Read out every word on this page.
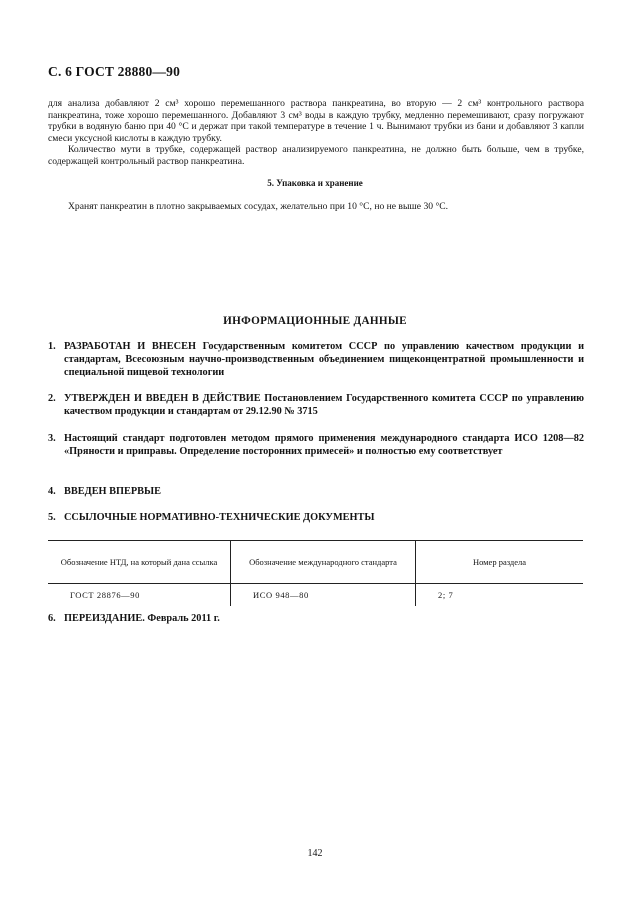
С. 6 ГОСТ 28880—90

для анализа добавляют 2 см³ хорошо перемешанного раствора панкреатина, во вторую — 2 см³ контрольного раствора панкреатина, тоже хорошо перемешанного. Добавляют 3 см³ воды в каждую трубку, медленно перемешивают, сразу погружают трубки в водяную баню при 40 °С и держат при такой температуре в течение 1 ч. Вынимают трубки из бани и добавляют 3 капли смеси уксусной кислоты в каждую трубку.

Количество мути в трубке, содержащей раствор анализируемого панкреатина, не должно быть больше, чем в трубке, содержащей контрольный раствор панкреатина.

5. Упаковка и хранение
Хранят панкреатин в плотно закрываемых сосудах, желательно при 10 °С, но не выше 30 °С.
ИНФОРМАЦИОННЫЕ ДАННЫЕ
1. РАЗРАБОТАН И ВНЕСЕН Государственным комитетом СССР по управлению качеством продукции и стандартам, Всесоюзным научно-производственным объединением пищеконцентратной промышленности и специальной пищевой технологии
2. УТВЕРЖДЕН И ВВЕДЕН В ДЕЙСТВИЕ Постановлением Государственного комитета СССР по управлению качеством продукции и стандартам от 29.12.90 № 3715
3. Настоящий стандарт подготовлен методом прямого применения международного стандарта ИСО 1208—82 «Пряности и приправы. Определение посторонних примесей» и полностью ему соответствует
4. ВВЕДЕН ВПЕРВЫЕ
5. ССЫЛОЧНЫЕ НОРМАТИВНО-ТЕХНИЧЕСКИЕ ДОКУМЕНТЫ
Обозначение НТД, на который дана ссылка	Обозначение международного стандарта	Номер раздела
ГОСТ 28876—90	ИСО 948—80	2; 7
6. ПЕРЕИЗДАНИЕ. Февраль 2011 г.
142
